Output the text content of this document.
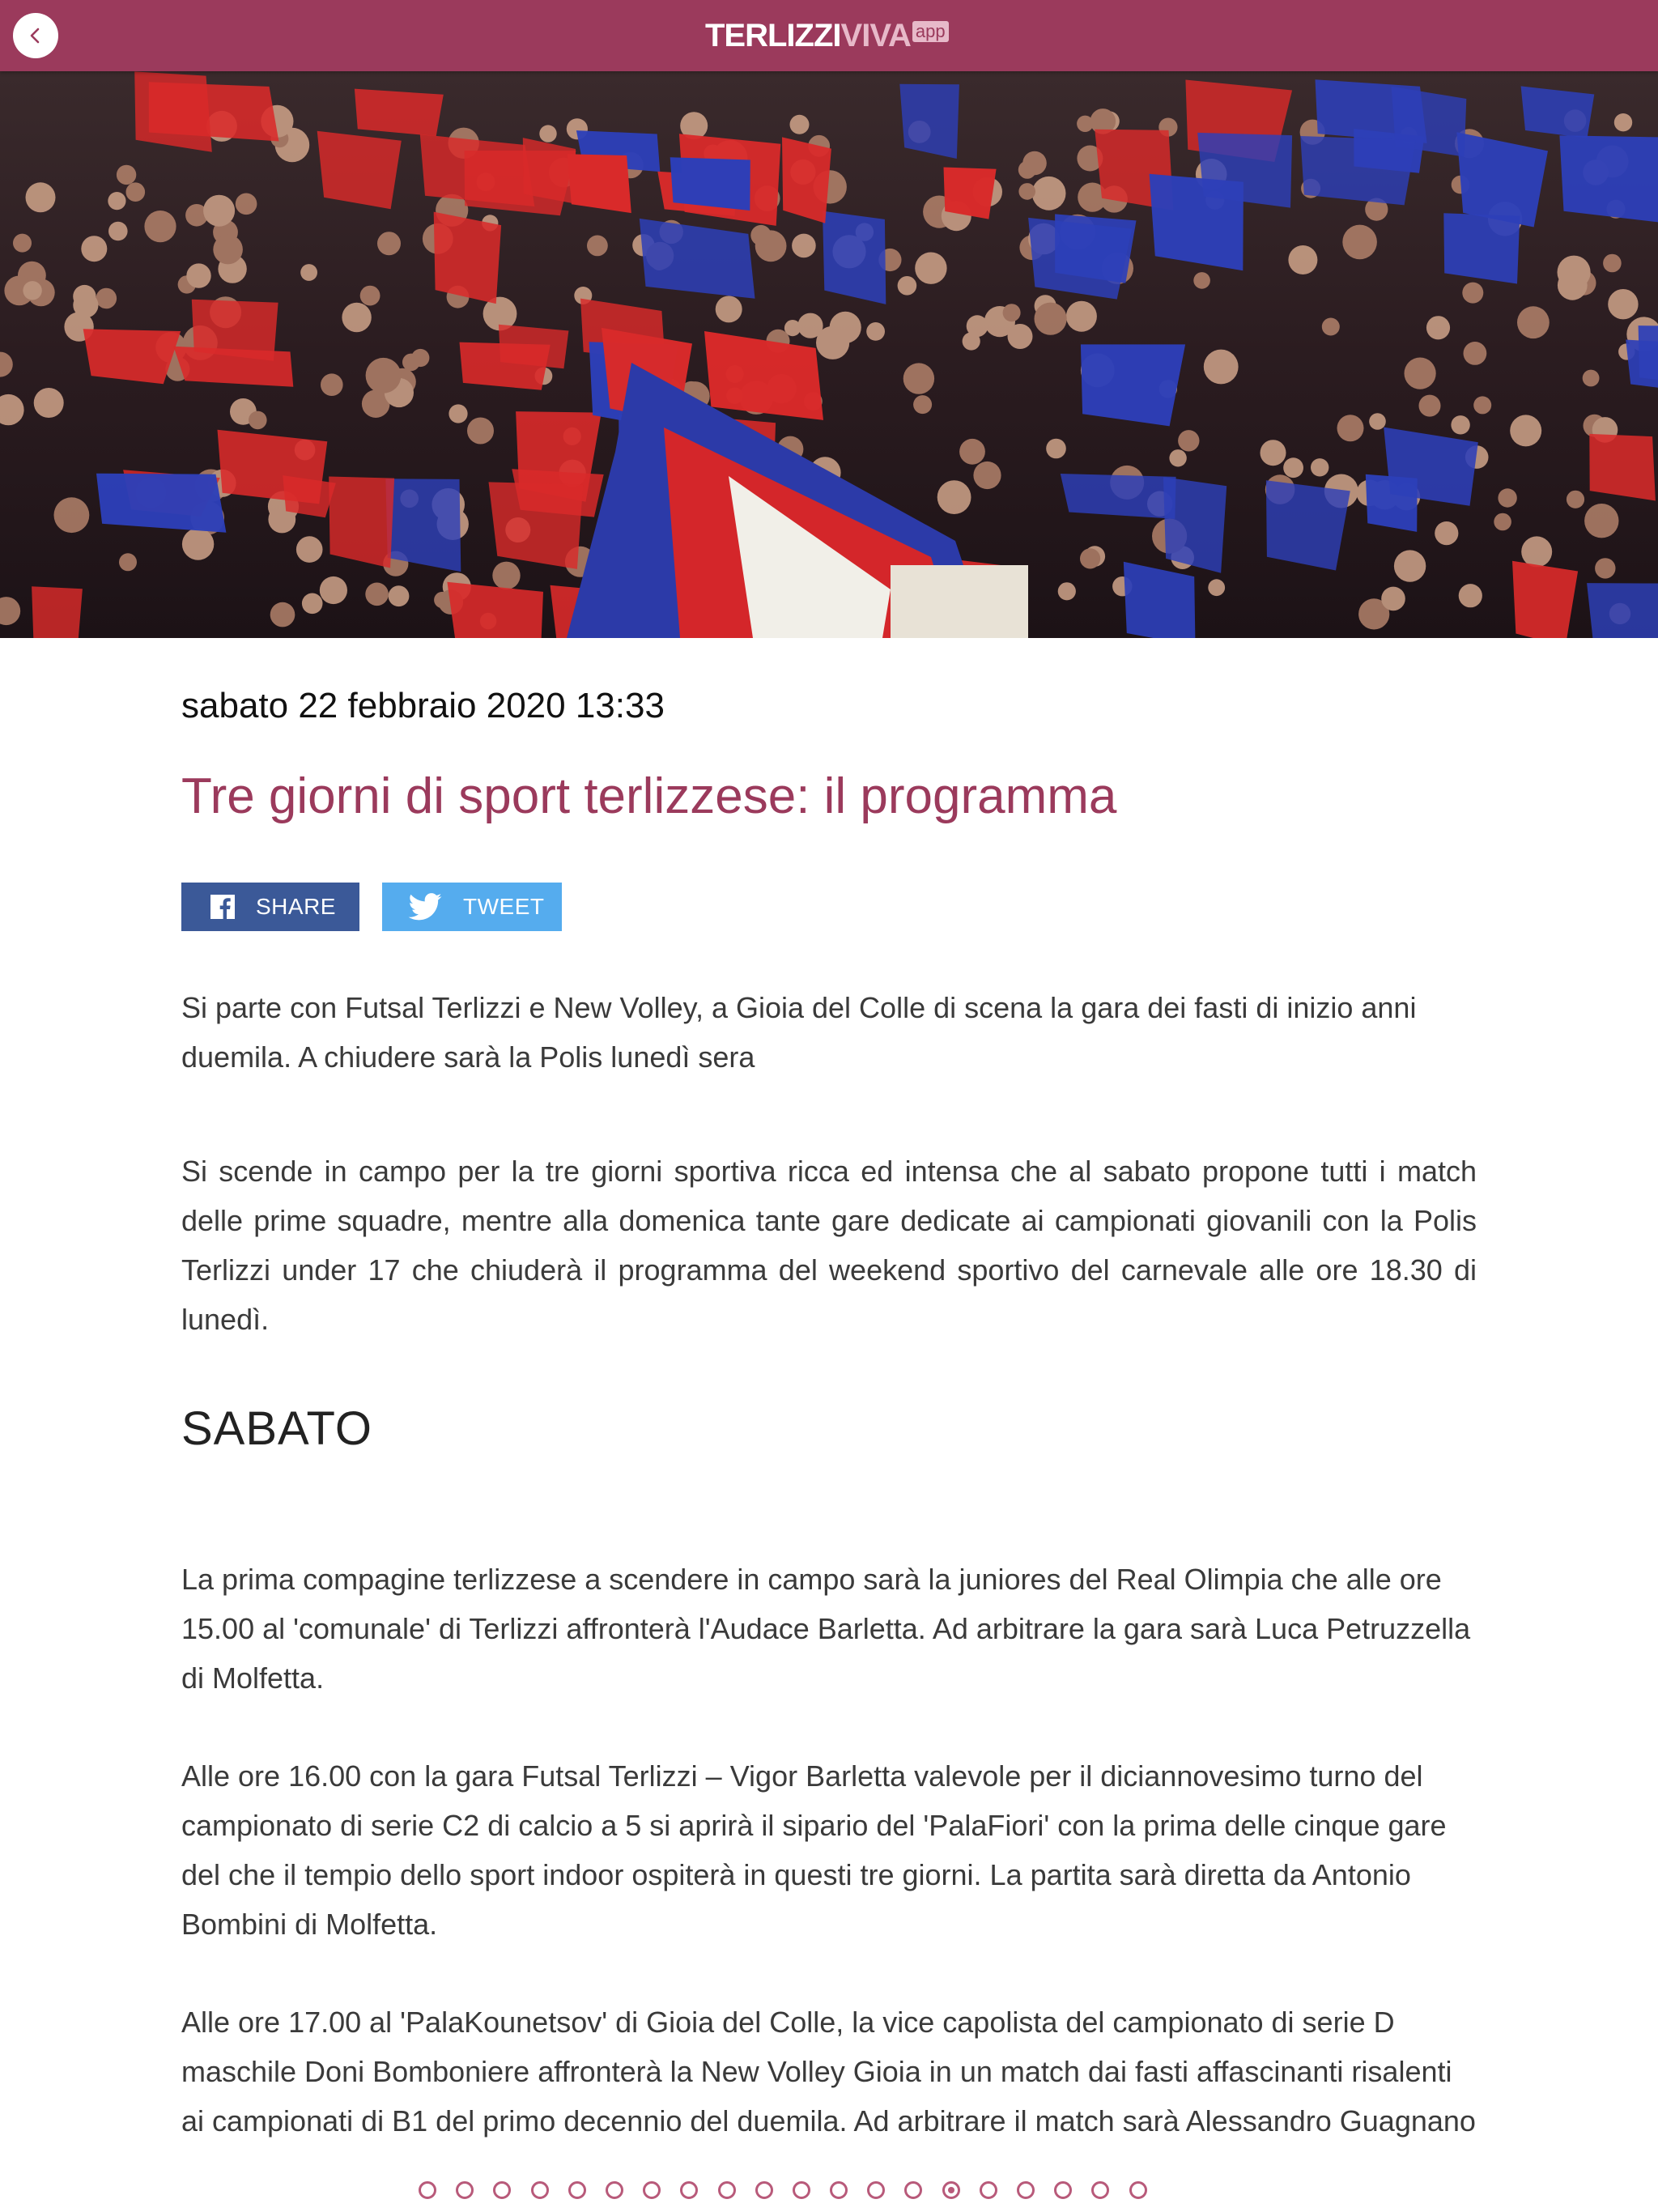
TERLIZZI VIVA app
sabato 22 febbraio 2020 13:33
Tre giorni di sport terlizzese: il programma
SHARE	TWEET
Si parte con Futsal Terlizzi e New Volley, a Gioia del Colle di scena la gara dei fasti di inizio anni duemila. A chiudere sarà la Polis lunedì sera
Si scende in campo per la tre giorni sportiva ricca ed intensa che al sabato propone tutti i match delle prime squadre, mentre alla domenica tante gare dedicate ai campionati giovanili con la Polis Terlizzi under 17 che chiuderà il programma del weekend sportivo del carnevale alle ore 18.30 di lunedì.
SABATO
La prima compagine terlizzese a scendere in campo sarà la juniores del Real Olimpia che alle ore 15.00 al 'comunale' di Terlizzi affronterà l'Audace Barletta. Ad arbitrare la gara sarà Luca Petruzzella di Molfetta.
Alle ore 16.00 con la gara Futsal Terlizzi – Vigor Barletta valevole per il diciannovesimo turno del campionato di serie C2 di calcio a 5 si aprirà il sipario del 'PalaFiori' con la prima delle cinque gare del che il tempio dello sport indoor ospiterà in questi tre giorni. La partita sarà diretta da Antonio Bombini di Molfetta.
Alle ore 17.00 al 'PalaKounetsov' di Gioia del Colle, la vice capolista del campionato di serie D maschile Doni Bomboniere affronterà la New Volley Gioia in un match dai fasti affascinanti risalenti ai campionati di B1 del primo decennio del duemila. Ad arbitrare il match sarà Alessandro Guagnano
